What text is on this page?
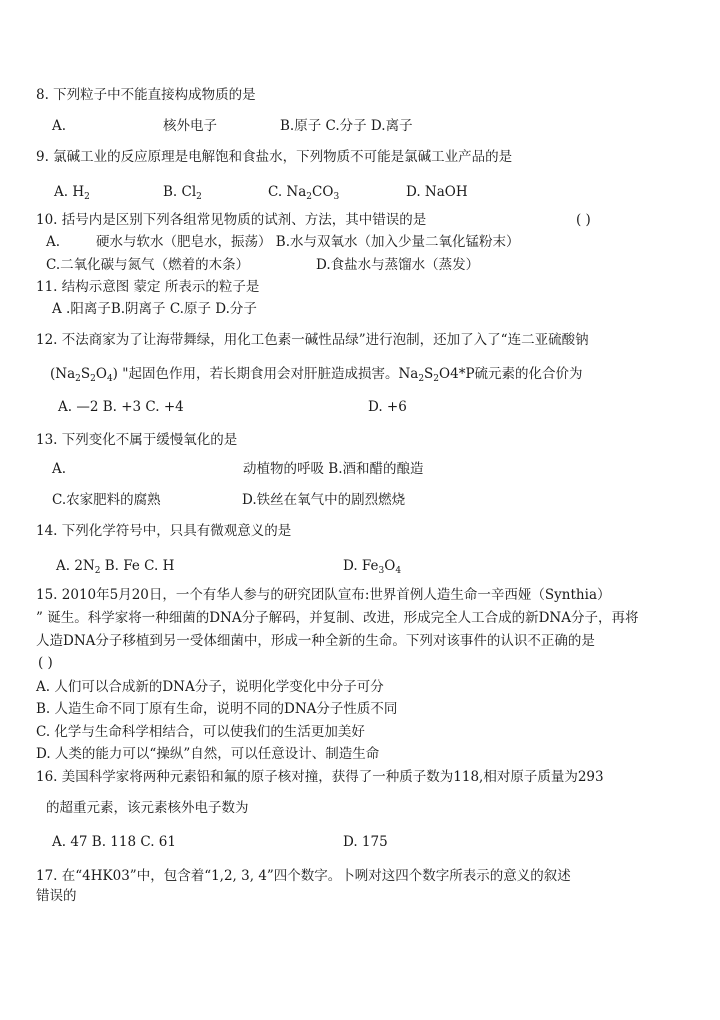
8. 下列粒子中不能直接构成物质的是
A.	核外电子	B.原子 C.分子 D.离子
9. 氯碱工业的反应原理是电解饱和食盐水，下列物质不可能是氯碱工业产品的是
A. $H_2$	B. $Cl_2$	C. $Na_2CO_3$	D. NaOH
10. 括号内是区别下列各组常见物质的试剂、方法，其中错误的是	( )
A.	硬水与软水（肥皂水，振荡） B.水与双氧水（加入少量二氧化锰粉末）
C.二氧化碳与氮气（燃着的木条）	D.食盐水与蒸馏水（蒸发）
11. 结构示意图 蒙定 所表示的粒子是
A .阳离子B.阴离子 C.原子 D.分子
12. 不法商家为了让海带舞绿，用化工色素一碱性品绿”进行泡制，还加了入了“连二亚硫酸钠
$(Na_2S_2O_4)$ "起固色作用，若长期食用会对肝脏造成损害。$Na_2S_2O4*P$硫元素的化合价为
A. —2 B. +3 C. +4	D. +6
13. 下列变化不属于缓慢氧化的是
A.	动植物的呼吸 B.酒和醋的酿造
C.农家肥料的腐熟	D.铁丝在氧气中的剧烈燃烧
14. 下列化学符号中，只具有微观意义的是
A. $2N_2$ B. Fe C. H	D. $Fe_3O_4$
15. 2010年5月20日，一个有华人参与的研究团队宣布:世界首例人造生命一辛西娅（Synthia）
” 诞生。科学家将一种细菌的DNA分子解码，并复制、改进，形成完全人工合成的新DNA分子，再将
人造DNA分子移植到另一受体细菌中，形成一种全新的生命。下列对该事件的认识不正确的是
( )
A. 人们可以合成新的DNA分子，说明化学变化中分子可分
B. 人造生命不同丁原有生命，说明不同的DNA分子性质不同
C. 化学与生命科学相结合，可以使我们的生活更加美好
D. 人类的能力可以“操纵”自然，可以任意设计、制造生命
16. 美国科学家将两种元素铅和氟的原子核对撞，获得了一种质子数为118,相对原子质量为293
的超重元素，该元素核外电子数为
A. 47 B. 118 C. 61	D. 175
17. 在“4HK03”中，包含着“1,2, 3, 4”四个数字。卜咧对这四个数字所表示的意义的叙述
错误的
